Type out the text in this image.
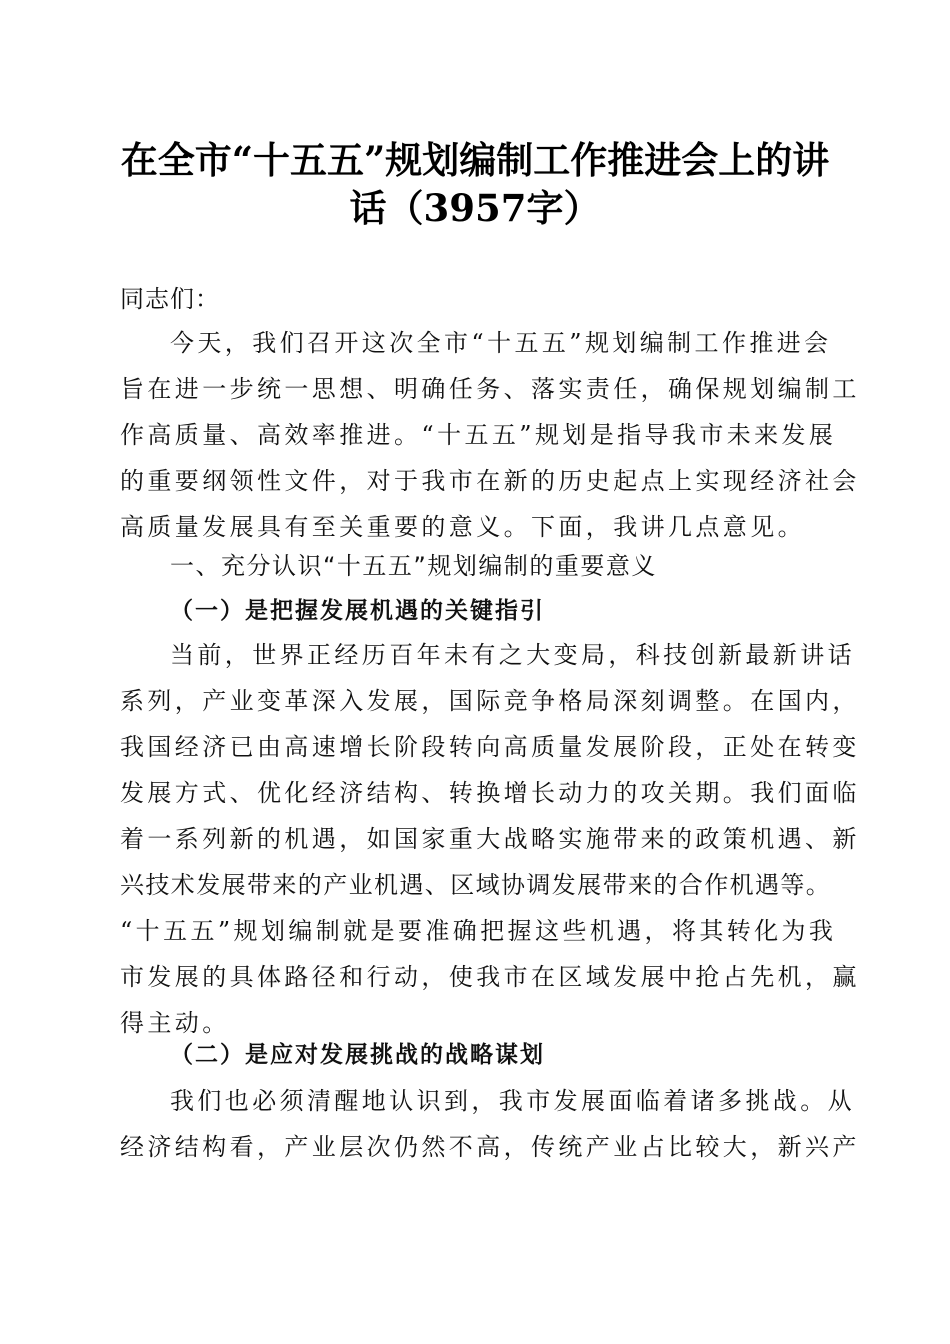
在全市“十五五”规划编制工作推进会上的讲
话（3957字）
同志们：
今天，我们召开这次全市“十五五”规划编制工作推进会
旨在进一步统一思想、明确任务、落实责任，确保规划编制工
作高质量、高效率推进。“十五五”规划是指导我市未来发展
的重要纲领性文件，对于我市在新的历史起点上实现经济社会
高质量发展具有至关重要的意义。下面，我讲几点意见。
一、充分认识“十五五”规划编制的重要意义
（一）是把握发展机遇的关键指引
当前，世界正经历百年未有之大变局，科技创新最新讲话
系列，产业变革深入发展，国际竞争格局深刻调整。在国内，
我国经济已由高速增长阶段转向高质量发展阶段，正处在转变
发展方式、优化经济结构、转换增长动力的攻关期。我们面临
着一系列新的机遇，如国家重大战略实施带来的政策机遇、新
兴技术发展带来的产业机遇、区域协调发展带来的合作机遇等。
“十五五”规划编制就是要准确把握这些机遇，将其转化为我
市发展的具体路径和行动，使我市在区域发展中抢占先机，赢
得主动。
（二）是应对发展挑战的战略谋划
我们也必须清醒地认识到，我市发展面临着诸多挑战。从
经济结构看，产业层次仍然不高，传统产业占比较大，新兴产
